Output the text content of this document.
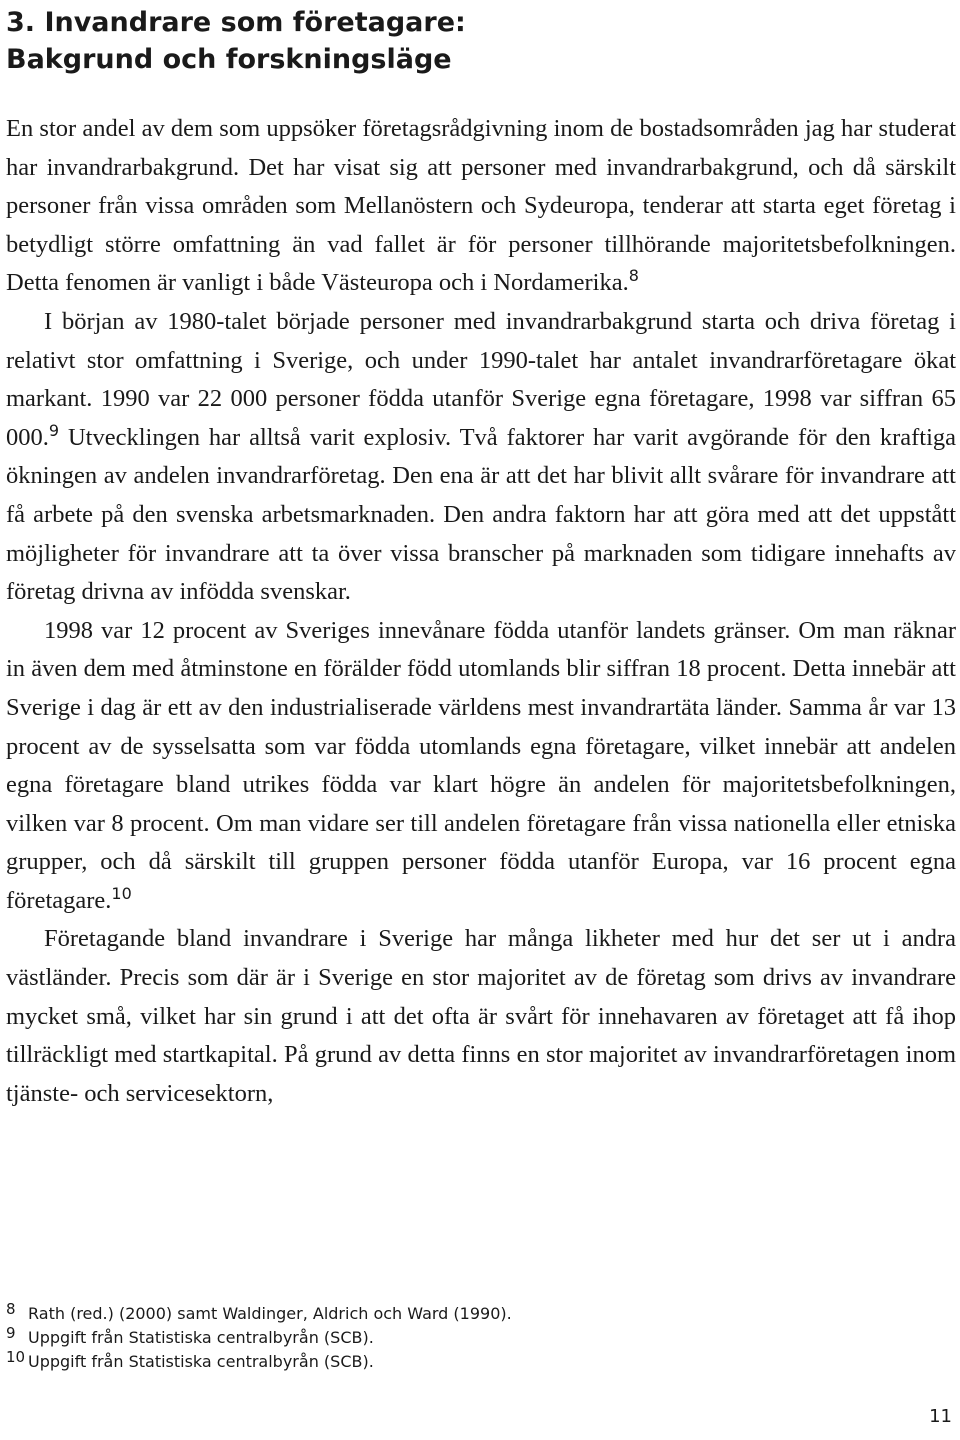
3. Invandrare som företagare:
Bakgrund och forskningsläge

En stor andel av dem som uppsöker företagsrådgivning inom de bostadsområden jag har studerat har invandrarbakgrund. Det har visat sig att personer med invandrarbakgrund, och då särskilt personer från vissa områden som Mellanöstern och Sydeuropa, tenderar att starta eget företag i betydligt större omfattning än vad fallet är för personer tillhörande majoritetsbefolkningen. Detta fenomen är vanligt i både Västeuropa och i Nordamerika.$^8$

I början av 1980-talet började personer med invandrarbakgrund starta och driva företag i relativt stor omfattning i Sverige, och under 1990-talet har antalet invandrarföretagare ökat markant. 1990 var 22 000 personer födda utanför Sverige egna företagare, 1998 var siffran 65 000.$^9$ Utvecklingen har alltså varit explosiv. Två faktorer har varit avgörande för den kraftiga ökningen av andelen invandrarföretag. Den ena är att det har blivit allt svårare för invandrare att få arbete på den svenska arbetsmarknaden. Den andra faktorn har att göra med att det uppstått möjligheter för invandrare att ta över vissa branscher på marknaden som tidigare innehafts av företag drivna av infödda svenskar.

1998 var 12 procent av Sveriges innevånare födda utanför landets gränser. Om man räknar in även dem med åtminstone en förälder född utomlands blir siffran 18 procent. Detta innebär att Sverige i dag är ett av den industrialiserade världens mest invandrartäta länder. Samma år var 13 procent av de sysselsatta som var födda utomlands egna företagare, vilket innebär att andelen egna företagare bland utrikes födda var klart högre än andelen för majoritetsbefolkningen, vilken var 8 procent. Om man vidare ser till andelen företagare från vissa nationella eller etniska grupper, och då särskilt till gruppen personer födda utanför Europa, var 16 procent egna företagare.$^{10}$

Företagande bland invandrare i Sverige har många likheter med hur det ser ut i andra västländer. Precis som där är i Sverige en stor majoritet av de företag som drivs av invandrare mycket små, vilket har sin grund i att det ofta är svårt för innehavaren av företaget att få ihop tillräckligt med startkapital. På grund av detta finns en stor majoritet av invandrarföretagen inom tjänste- och servicesektorn,

8 Rath (red.) (2000) samt Waldinger, Aldrich och Ward (1990).
9 Uppgift från Statistiska centralbyrån (SCB).
10 Uppgift från Statistiska centralbyrån (SCB).
11
